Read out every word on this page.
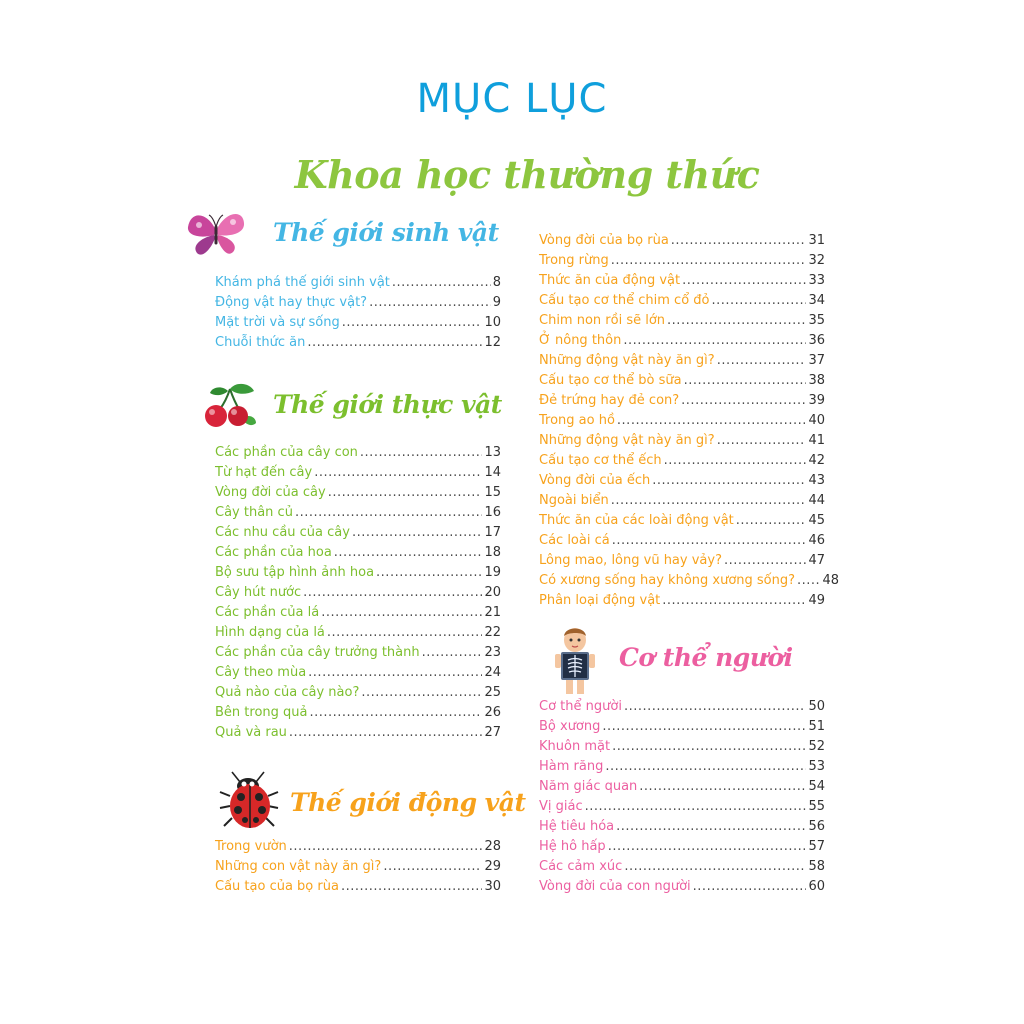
MỤC LỤC
Khoa học thường thức
Thế giới sinh vật
Khám phá thế giới sinh vật .....	8
Động vật hay thực vật? .....	9
Mặt trời và sự sống .....	10
Chuỗi thức ăn .....	12
Thế giới thực vật
Các phần của cây con .....	13
Từ hạt đến cây .....	14
Vòng đời của cây .....	15
Cây thân củ .....	16
Các nhu cầu của cây .....	17
Các phần của hoa .....	18
Bộ sưu tập hình ảnh hoa .....	19
Cây hút nước .....	20
Các phần của lá .....	21
Hình dạng của lá .....	22
Các phần của cây trưởng thành .....	23
Cây theo mùa .....	24
Quả nào của cây nào? .....	25
Bên trong quả .....	26
Quả và rau .....	27
Thế giới động vật
Trong vườn .....	28
Những con vật này ăn gì? .....	29
Cấu tạo của bọ rùa .....	30
Vòng đời của bọ rùa .....	31
Trong rừng .....	32
Thức ăn của động vật .....	33
Cấu tạo cơ thể chim cổ đỏ .....	34
Chim non rồi sẽ lớn .....	35
Ở nông thôn .....	36
Những động vật này ăn gì? .....	37
Cấu tạo cơ thể bò sữa .....	38
Đẻ trứng hay đẻ con? .....	39
Trong ao hồ .....	40
Những động vật này ăn gì? .....	41
Cấu tạo cơ thể ếch .....	42
Vòng đời của ếch .....	43
Ngoài biển .....	44
Thức ăn của các loài động vật .....	45
Các loài cá .....	46
Lông mao, lông vũ hay vảy? .....	47
Có xương sống hay không xương sống? ..... 48
Phân loại động vật .....	49
Cơ thể người
Cơ thể người .....	50
Bộ xương .....	51
Khuôn mặt .....	52
Hàm răng .....	53
Năm giác quan .....	54
Vị giác .....	55
Hệ tiêu hóa .....	56
Hệ hô hấp .....	57
Các cảm xúc .....	58
Vòng đời của con người .....	60
